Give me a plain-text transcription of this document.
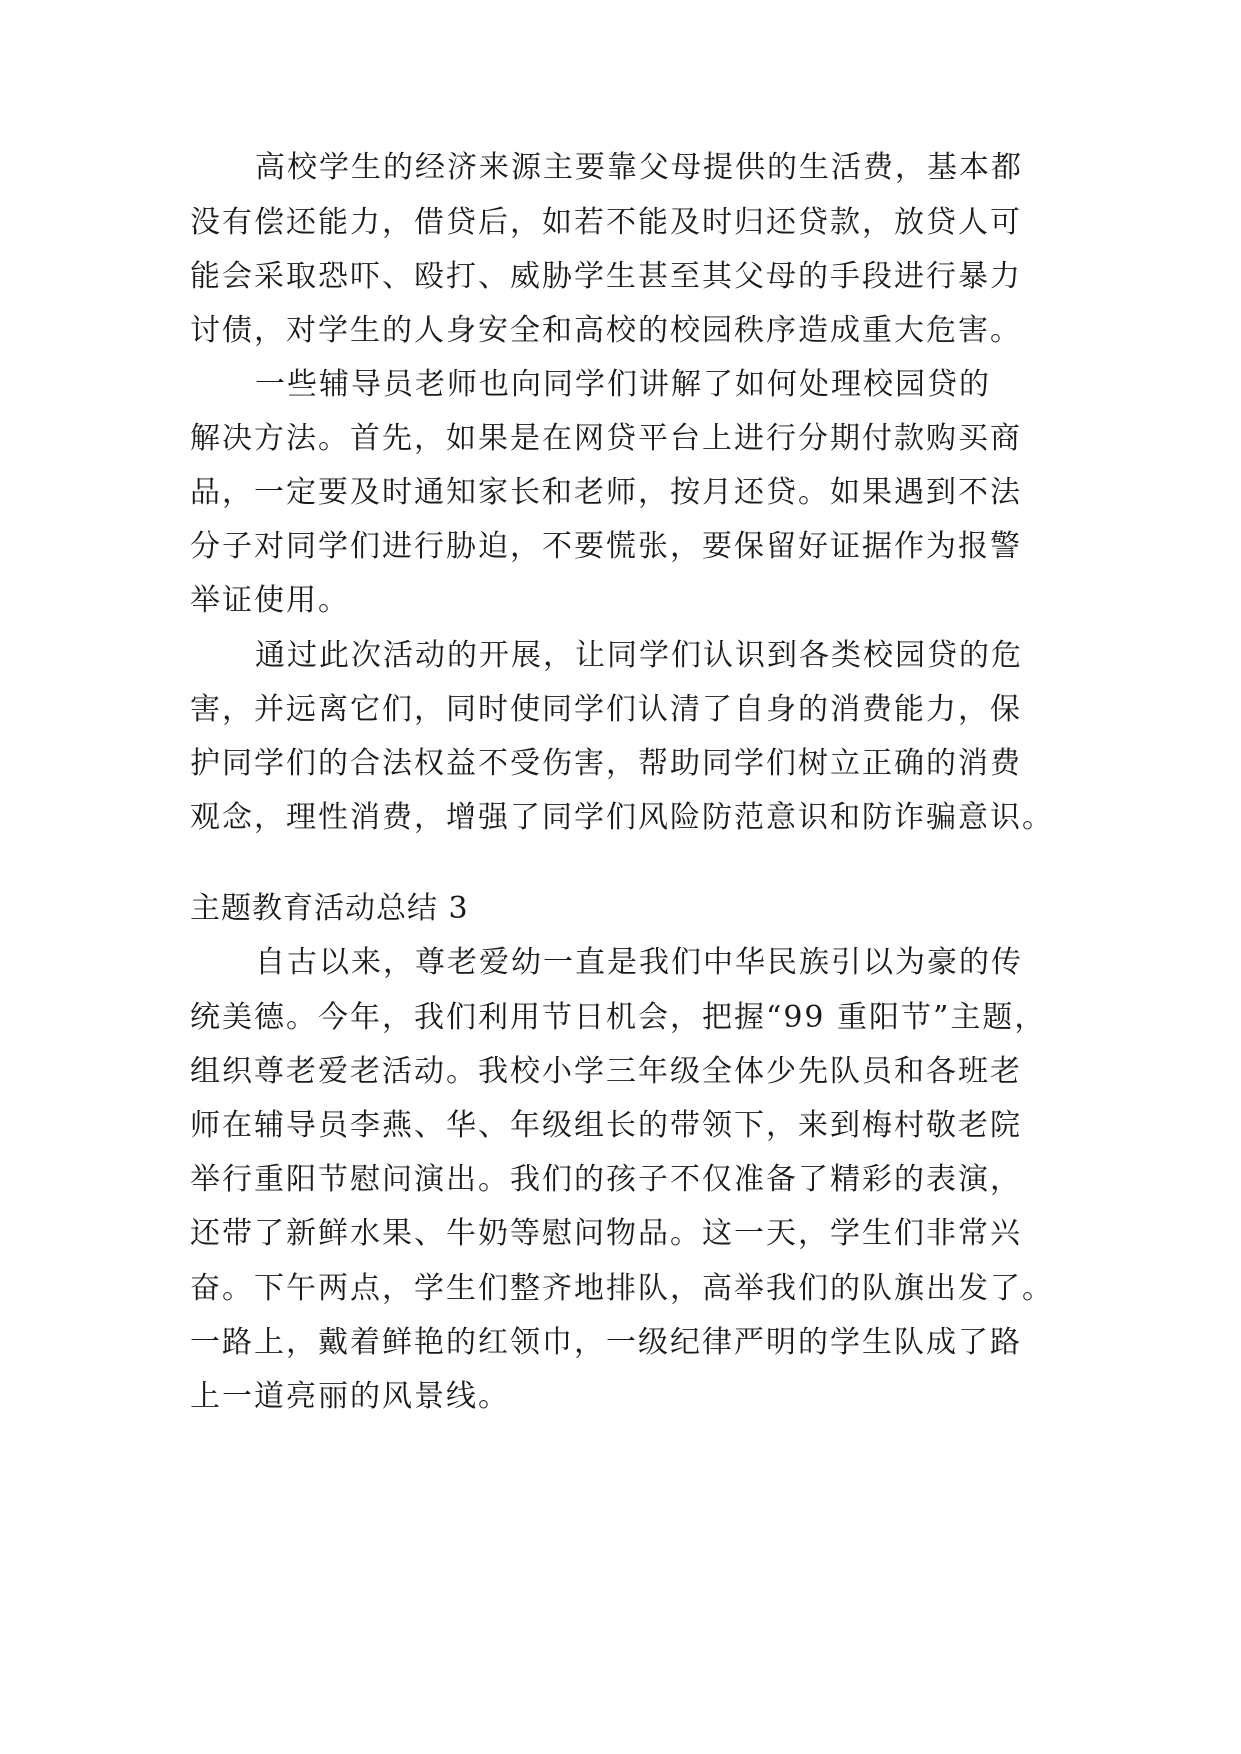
高校学生的经济来源主要靠父母提供的生活费，基本都
没有偿还能力，借贷后，如若不能及时归还贷款，放贷人可
能会采取恐吓、殴打、威胁学生甚至其父母的手段进行暴力
讨债，对学生的人身安全和高校的校园秩序造成重大危害。
一些辅导员老师也向同学们讲解了如何处理校园贷的
解决方法。首先，如果是在网贷平台上进行分期付款购买商
品，一定要及时通知家长和老师，按月还贷。如果遇到不法
分子对同学们进行胁迫，不要慌张，要保留好证据作为报警
举证使用。
通过此次活动的开展，让同学们认识到各类校园贷的危
害，并远离它们，同时使同学们认清了自身的消费能力，保
护同学们的合法权益不受伤害，帮助同学们树立正确的消费
观念，理性消费，增强了同学们风险防范意识和防诈骗意识。
主题教育活动总结 3
自古以来，尊老爱幼一直是我们中华民族引以为豪的传
统美德。今年，我们利用节日机会，把握“99 重阳节”主题，
组织尊老爱老活动。我校小学三年级全体少先队员和各班老
师在辅导员李燕、华、年级组长的带领下，来到梅村敬老院
举行重阳节慰问演出。我们的孩子不仅准备了精彩的表演，
还带了新鲜水果、牛奶等慰问物品。这一天，学生们非常兴
奋。下午两点，学生们整齐地排队，高举我们的队旗出发了。
一路上，戴着鲜艳的红领巾，一级纪律严明的学生队成了路
上一道亮丽的风景线。
